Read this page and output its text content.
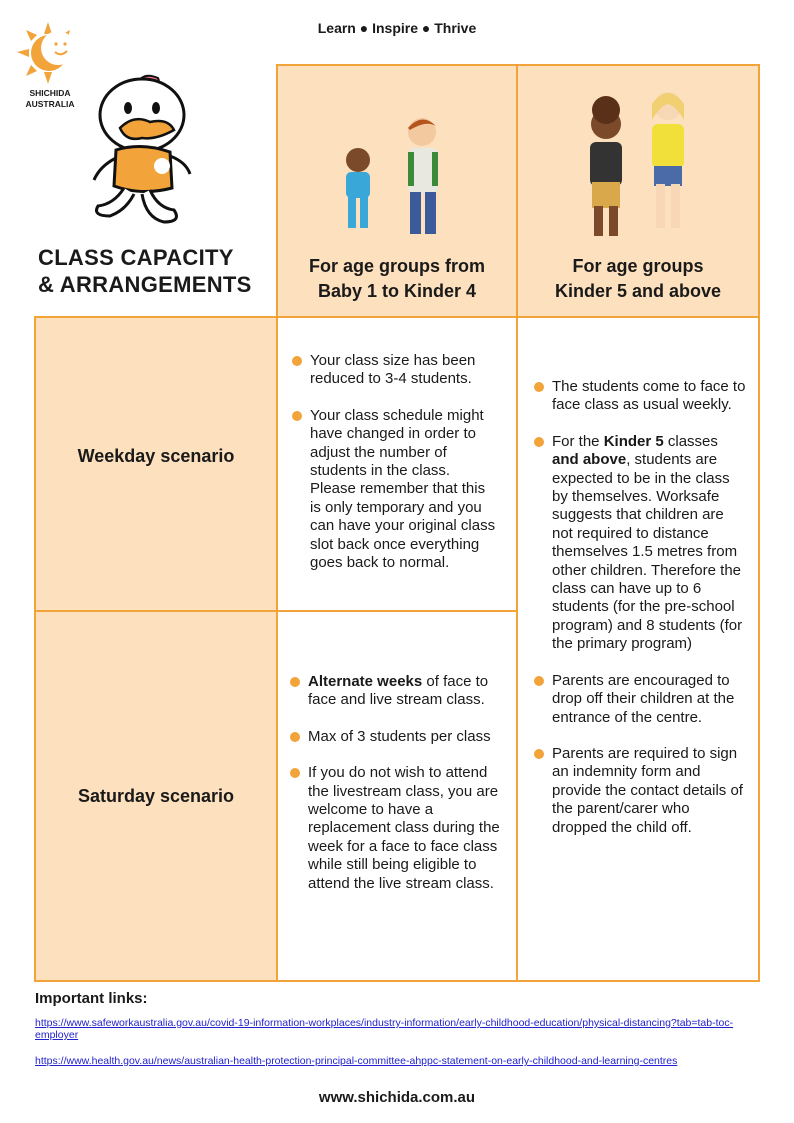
Learn ● Inspire ● Thrive
SHICHIDA
AUSTRALIA
CLASS CAPACITY
& ARRANGEMENTS
For age groups from
Baby 1 to Kinder 4
For age groups
Kinder 5 and above
Weekday scenario
Saturday scenario
Your class size has been reduced to 3-4 students.
Your class schedule might have changed in order to adjust the number of students in the class. Please remember that this is only temporary and you can have your original class slot back once everything goes back to normal.
Alternate weeks of face to face and live stream class.
Max of 3 students per class
If you do not wish to attend the livestream class, you are welcome to have a replacement class during the week for a face to face class while still being eligible to attend the live stream class.
The students come to face to face class as usual weekly.
For the Kinder 5 classes and above, students are expected to be in the class by themselves. Worksafe suggests that children are not required to distance themselves 1.5 metres from other children. Therefore the class can have up to 6 students (for the pre-school program) and 8 students (for the primary program)
Parents are encouraged to drop off their children at the entrance of the centre.
Parents are required to sign an indemnity form and provide the contact details of the parent/carer who dropped the child off.
Important links:
https://www.safeworkaustralia.gov.au/covid-19-information-workplaces/industry-information/early-childhood-education/physical-distancing?tab=tab-toc-employer
https://www.health.gov.au/news/australian-health-protection-principal-committee-ahppc-statement-on-early-childhood-and-learning-centres
www.shichida.com.au
